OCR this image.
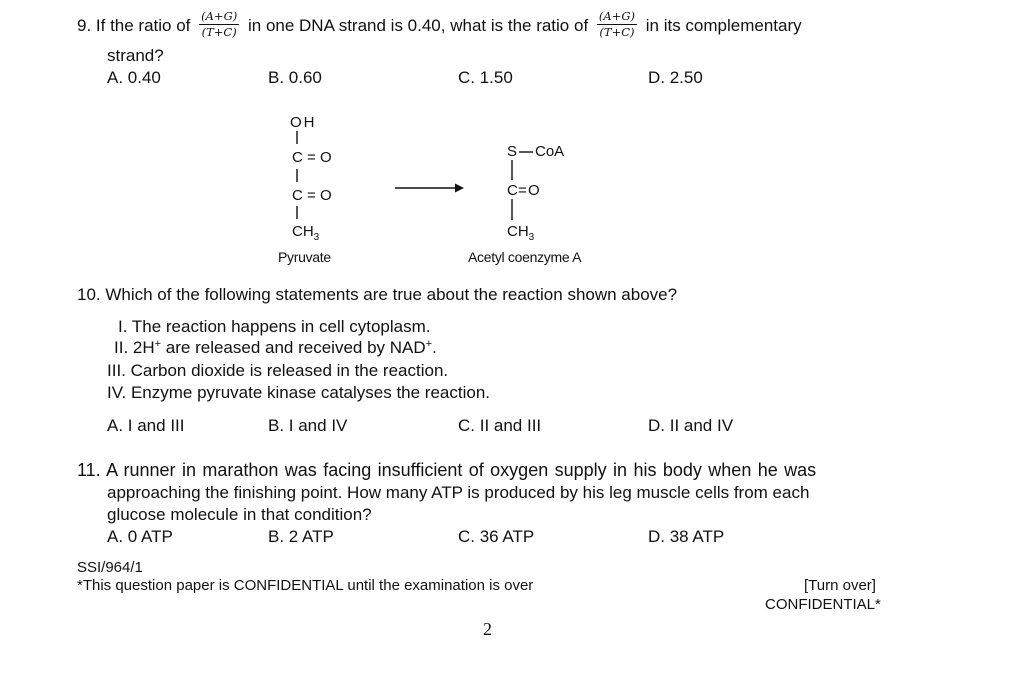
9. If the ratio of $\frac{(A+G)}{(T+C)}$ in one DNA strand is 0.40, what is the ratio of $\frac{(A+G)}{(T+C)}$ in its complementary
strand?
A. 0.40	B. 0.60	C. 1.50	D. 2.50
OH
C = O
C = O
$CH_3$
Pyruvate
S CoA
C = O
$CH_3$
Acetyl coenzyme A
10. Which of the following statements are true about the reaction shown above?
I. The reaction happens in cell cytoplasm.
II. 2H+ are released and received by NAD+.
III. Carbon dioxide is released in the reaction.
IV. Enzyme pyruvate kinase catalyses the reaction.
A. I and III	B. I and IV	C. II and III	D. II and IV
11. A runner in marathon was facing insufficient of oxygen supply in his body when he was
approaching the finishing point. How many ATP is produced by his leg muscle cells from each
glucose molecule in that condition?
A. 0 ATP	B. 2 ATP	C. 36 ATP	D. 38 ATP
SSI/964/1
*This question paper is CONFIDENTIAL until the examination is over	[Turn over]
CONFIDENTIAL*
2
